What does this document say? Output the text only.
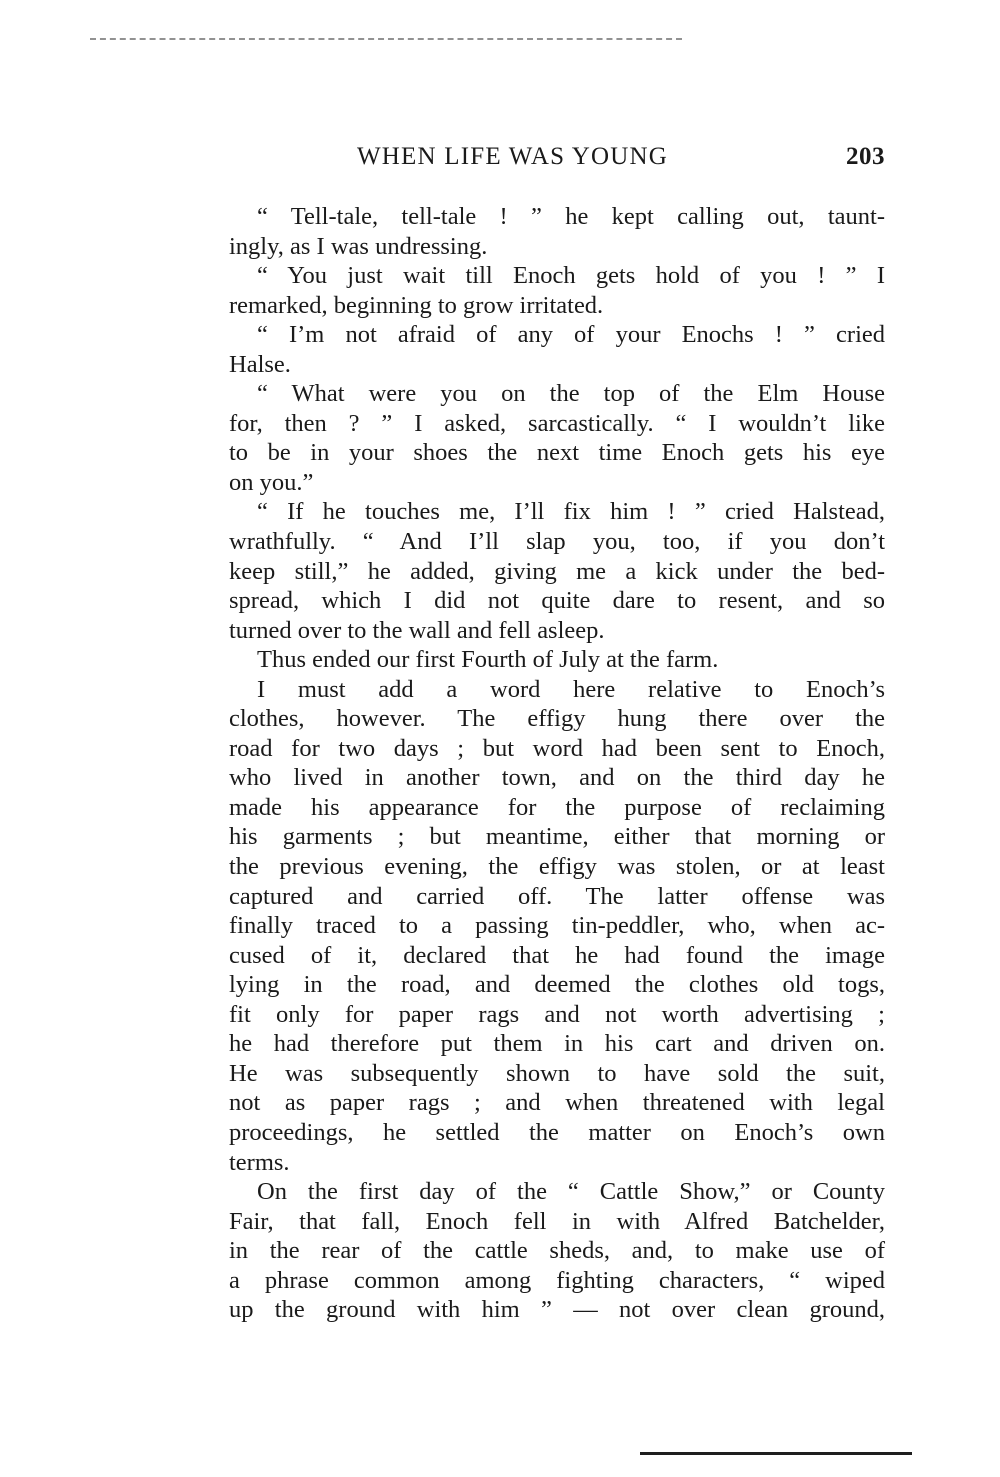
WHEN LIFE WAS YOUNG	203
“ Tell-tale, tell-tale ! ” he kept calling out, taunt-
ingly, as I was undressing.
“ You just wait till Enoch gets hold of you ! ” I
remarked, beginning to grow irritated.
“ I’m not afraid of any of your Enochs ! ” cried
Halse.
“ What were you on the top of the Elm House
for, then ? ” I asked, sarcastically. “ I wouldn’t like
to be in your shoes the next time Enoch gets his eye
on you.”
“ If he touches me, I’ll fix him ! ” cried Halstead,
wrathfully. “ And I’ll slap you, too, if you don’t
keep still,” he added, giving me a kick under the bed-
spread, which I did not quite dare to resent, and so
turned over to the wall and fell asleep.
Thus ended our first Fourth of July at the farm.
I must add a word here relative to Enoch’s
clothes, however. The effigy hung there over the
road for two days ; but word had been sent to Enoch,
who lived in another town, and on the third day he
made his appearance for the purpose of reclaiming
his garments ; but meantime, either that morning or
the previous evening, the effigy was stolen, or at least
captured and carried off. The latter offense was
finally traced to a passing tin-peddler, who, when ac-
cused of it, declared that he had found the image
lying in the road, and deemed the clothes old togs,
fit only for paper rags and not worth advertising ;
he had therefore put them in his cart and driven on.
He was subsequently shown to have sold the suit,
not as paper rags ; and when threatened with legal
proceedings, he settled the matter on Enoch’s own
terms.
On the first day of the “ Cattle Show,” or County
Fair, that fall, Enoch fell in with Alfred Batchelder,
in the rear of the cattle sheds, and, to make use of
a phrase common among fighting characters, “ wiped
up the ground with him ” — not over clean ground,
